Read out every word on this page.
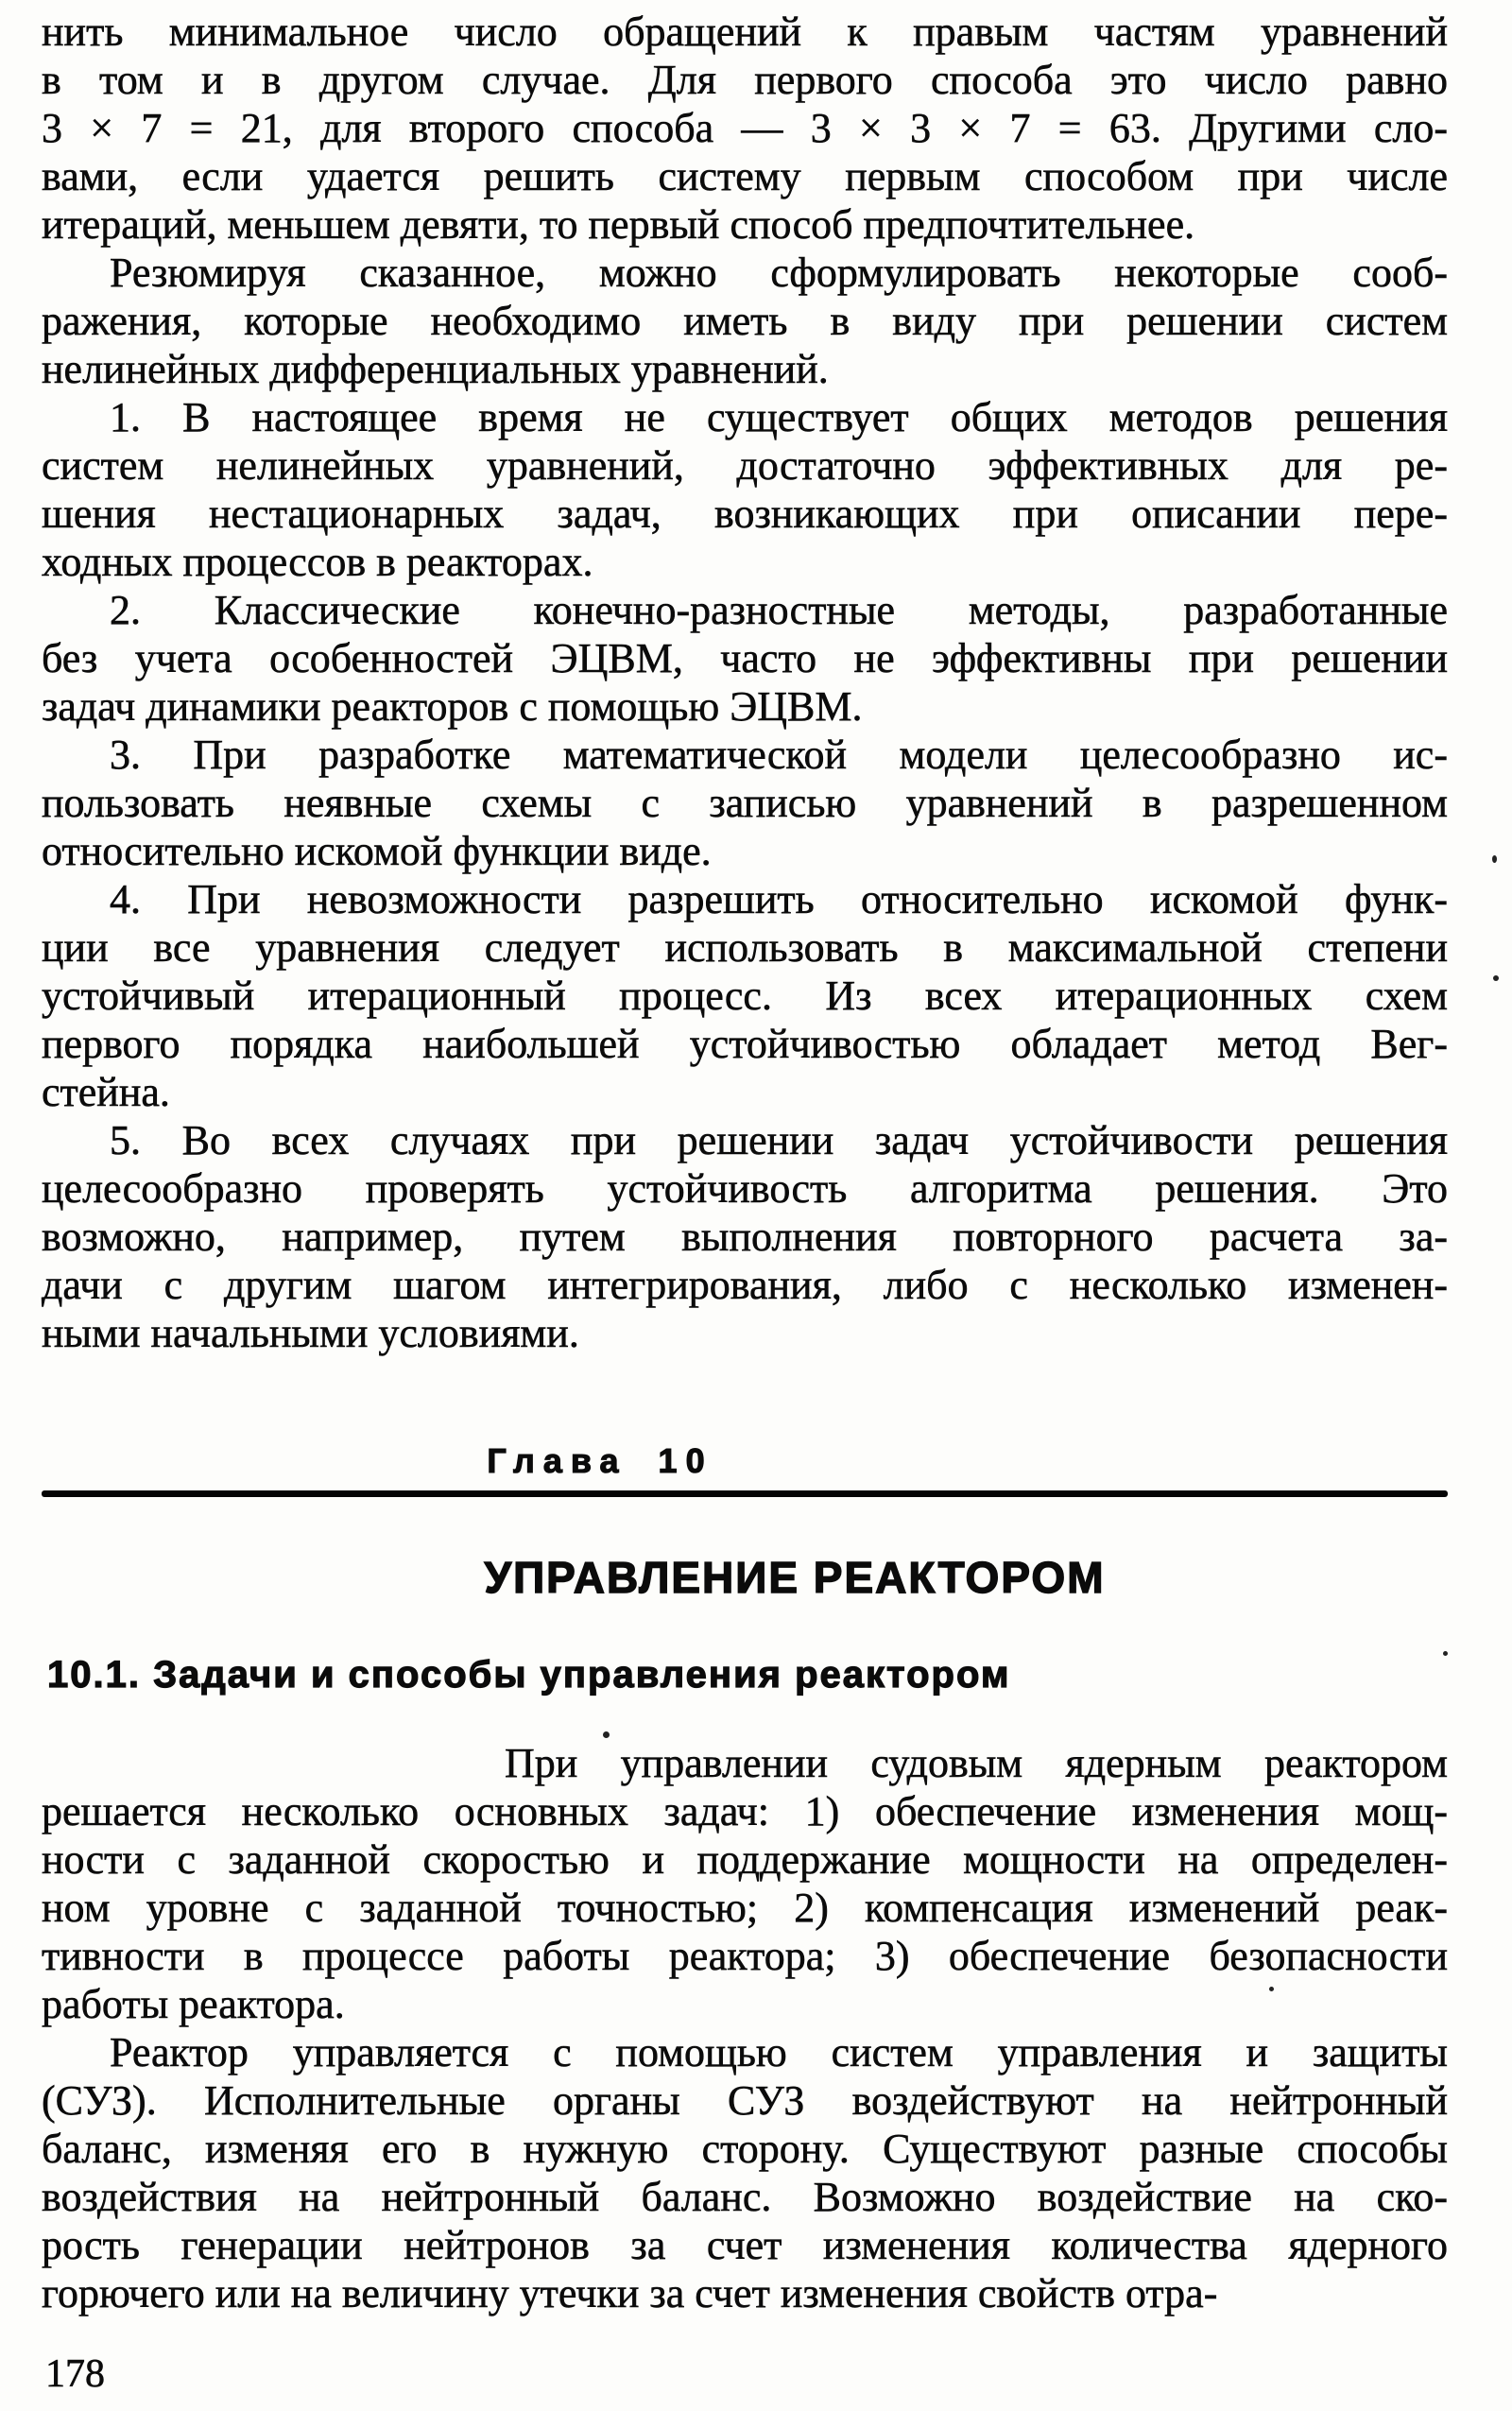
нить минимальное число обращений к правым частям уравнений
в том и в другом случае. Для первого способа это число равно
3 × 7 = 21, для второго способа — 3 × 3 × 7 = 63. Другими сло-
вами, если удается решить систему первым способом при числе
итераций, меньшем девяти, то первый способ предпочтительнее.
Резюмируя сказанное, можно сформулировать некоторые сооб-
ражения, которые необходимо иметь в виду при решении систем
нелинейных дифференциальных уравнений.
1. В настоящее время не существует общих методов решения
систем нелинейных уравнений, достаточно эффективных для ре-
шения нестационарных задач, возникающих при описании пере-
ходных процессов в реакторах.
2. Классические конечно-разностные методы, разработанные
без учета особенностей ЭЦВМ, часто не эффективны при решении
задач динамики реакторов с помощью ЭЦВМ.
3. При разработке математической модели целесообразно ис-
пользовать неявные схемы с записью уравнений в разрешенном
относительно искомой функции виде.
4. При невозможности разрешить относительно искомой функ-
ции все уравнения следует использовать в максимальной степени
устойчивый итерационный процесс. Из всех итерационных схем
первого порядка наибольшей устойчивостью обладает метод Вег-
стейна.
5. Во всех случаях при решении задач устойчивости решения
целесообразно проверять устойчивость алгоритма решения. Это
возможно, например, путем выполнения повторного расчета за-
дачи с другим шагом интегрирования, либо с несколько изменен-
ными начальными условиями.
Глава 10
УПРАВЛЕНИЕ РЕАКТОРОМ
10.1. Задачи и способы управления реактором
При управлении судовым ядерным реактором
решается несколько основных задач: 1) обеспечение изменения мощ-
ности с заданной скоростью и поддержание мощности на определен-
ном уровне с заданной точностью; 2) компенсация изменений реак-
тивности в процессе работы реактора; 3) обеспечение безопасности
работы реактора.
Реактор управляется с помощью систем управления и защиты
(СУЗ). Исполнительные органы СУЗ воздействуют на нейтронный
баланс, изменяя его в нужную сторону. Существуют разные способы
воздействия на нейтронный баланс. Возможно воздействие на ско-
рость генерации нейтронов за счет изменения количества ядерного
горючего или на величину утечки за счет изменения свойств отра-
178
